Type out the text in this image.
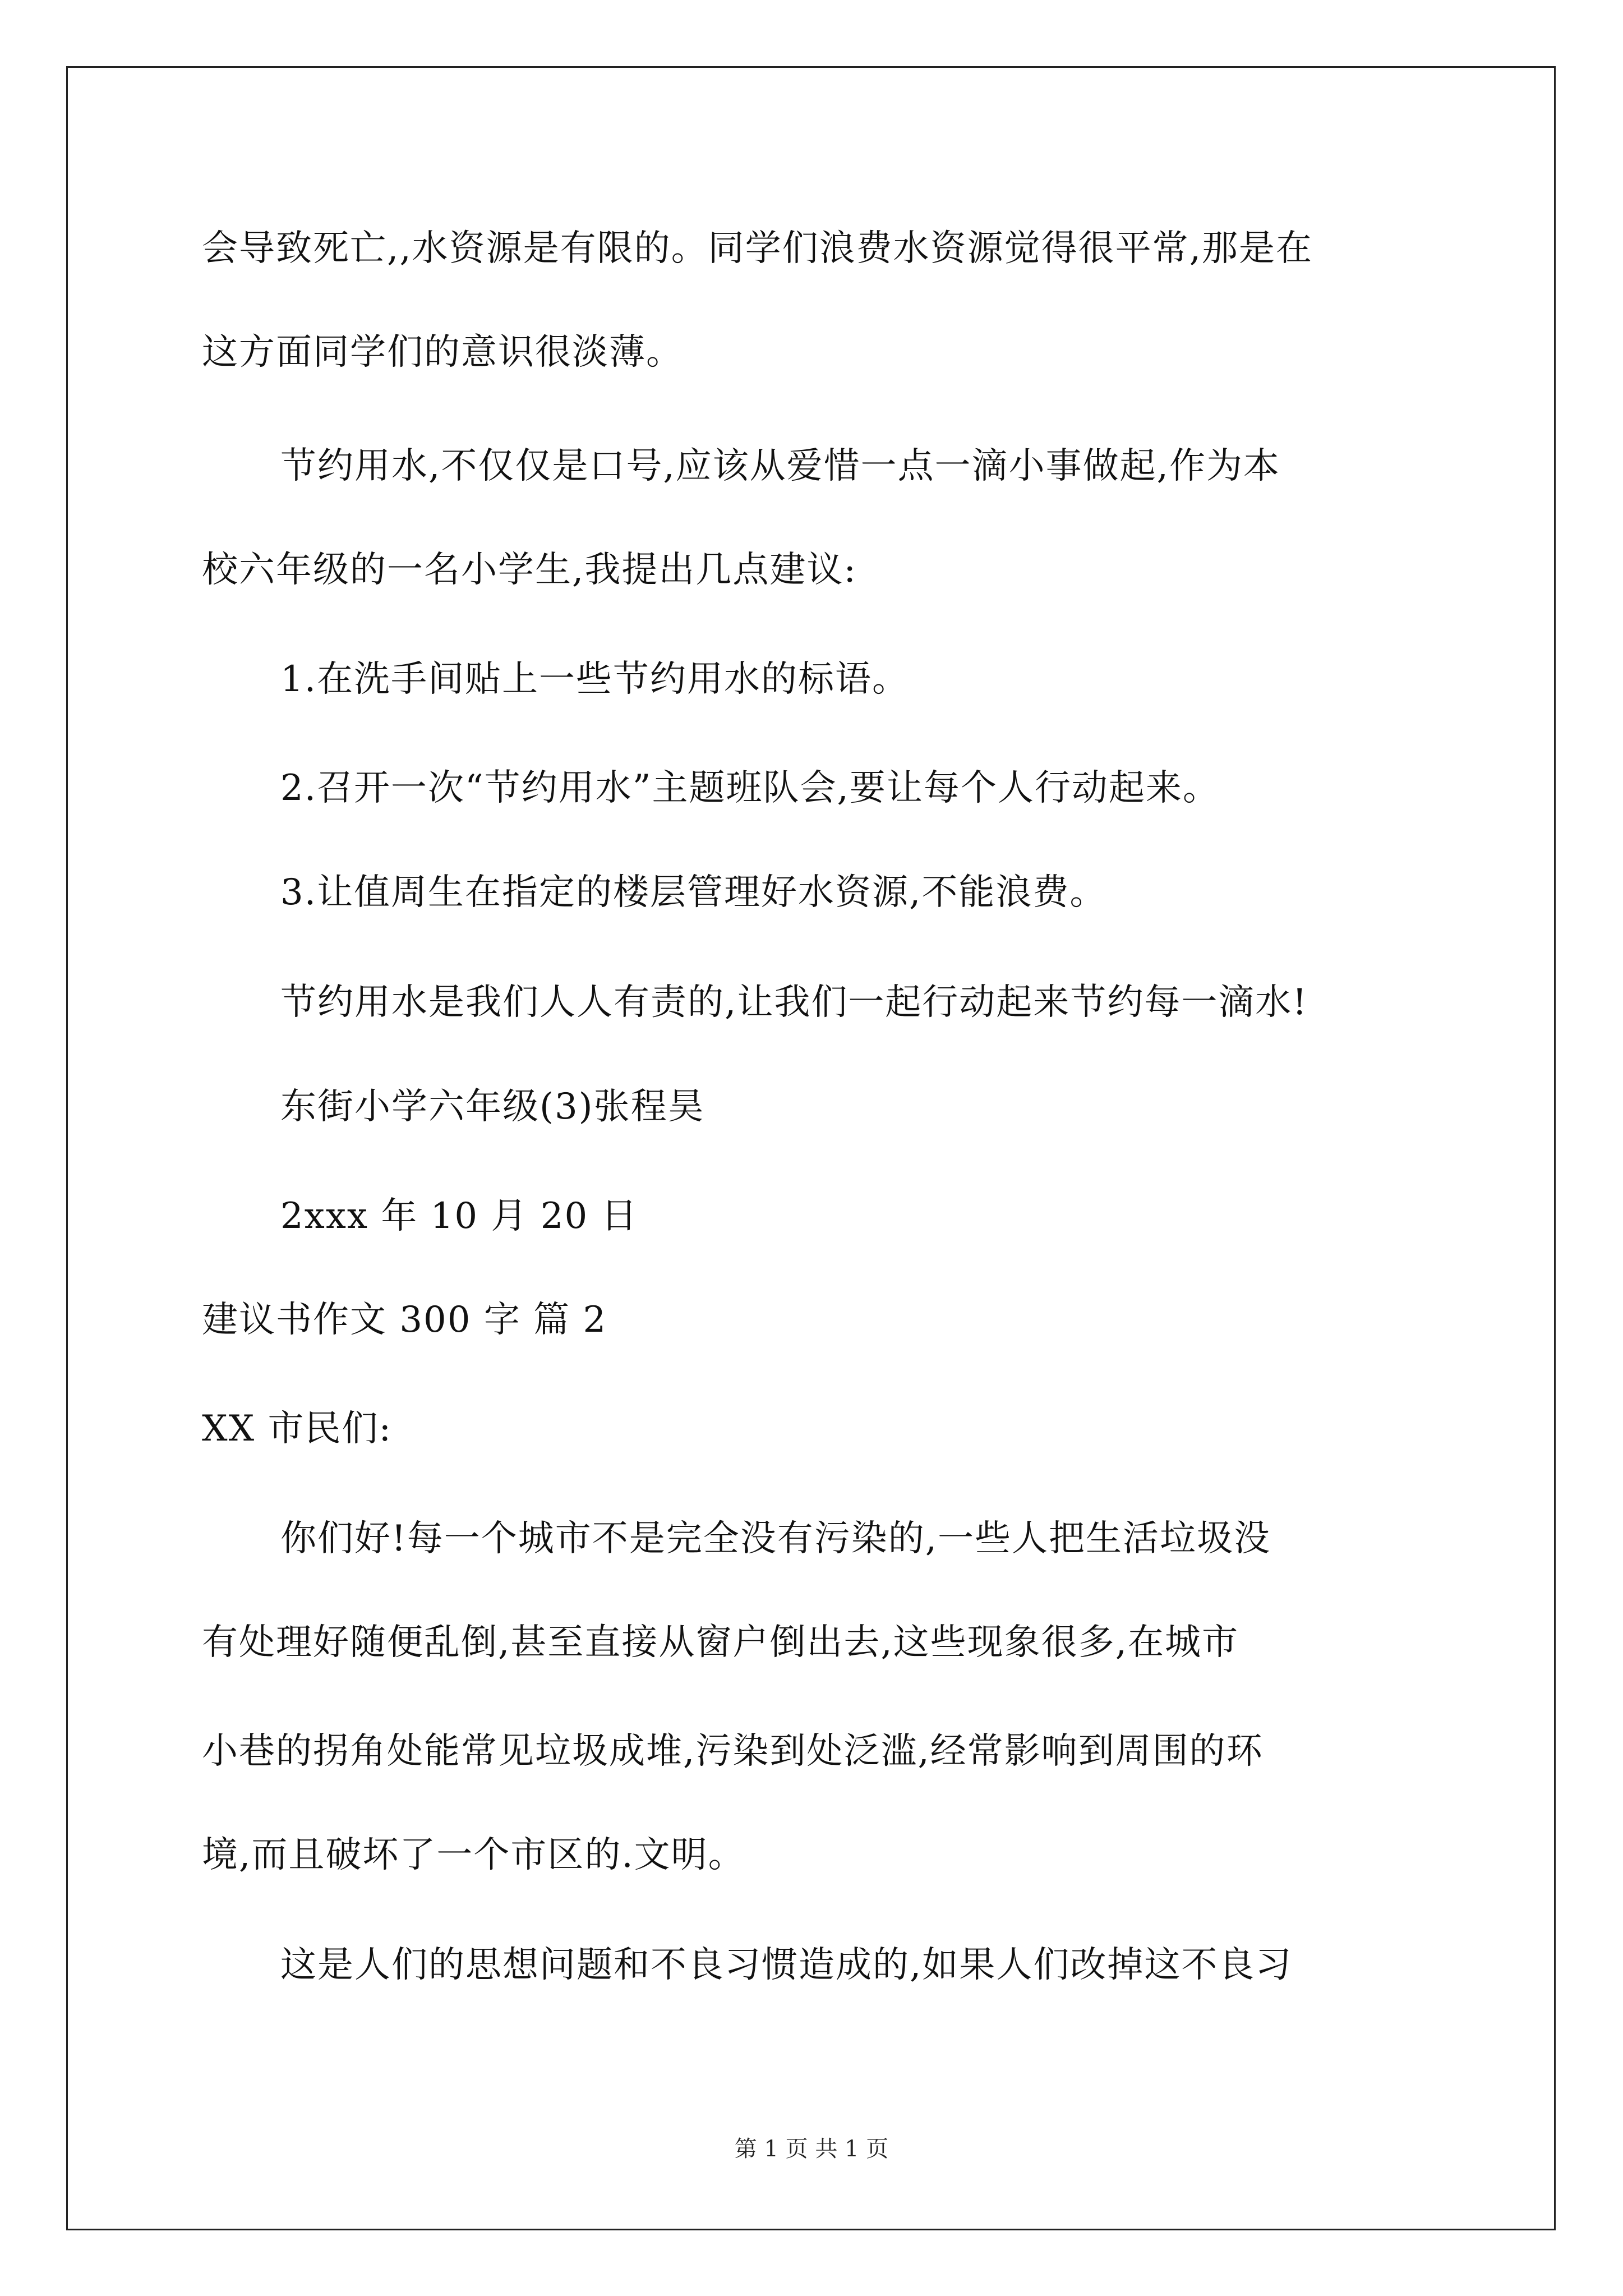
会导致死亡,,水资源是有限的。同学们浪费水资源觉得很平常,那是在
这方面同学们的意识很淡薄。
节约用水,不仅仅是口号,应该从爱惜一点一滴小事做起,作为本
校六年级的一名小学生,我提出几点建议:
1.在洗手间贴上一些节约用水的标语。
2.召开一次“节约用水”主题班队会,要让每个人行动起来。
3.让值周生在指定的楼层管理好水资源,不能浪费。
节约用水是我们人人有责的,让我们一起行动起来节约每一滴水!
东街小学六年级(3)张程昊
2xxx 年 10 月 20 日
建议书作文 300 字 篇 2
XX 市民们:
你们好!每一个城市不是完全没有污染的,一些人把生活垃圾没
有处理好随便乱倒,甚至直接从窗户倒出去,这些现象很多,在城市
小巷的拐角处能常见垃圾成堆,污染到处泛滥,经常影响到周围的环
境,而且破坏了一个市区的.文明。
这是人们的思想问题和不良习惯造成的,如果人们改掉这不良习
第 1 页 共 1 页
